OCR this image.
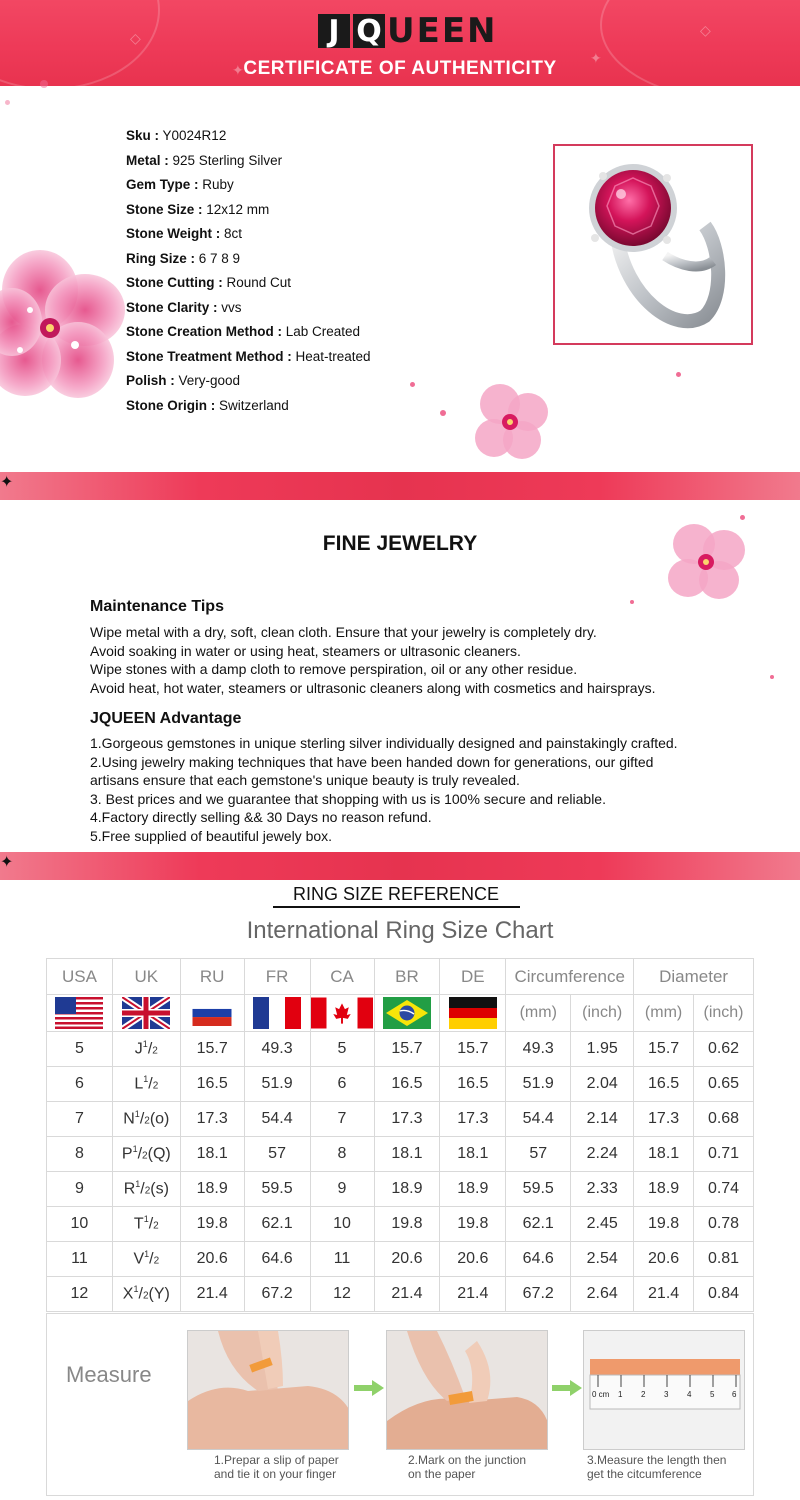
◇
✦
✦
◇
J Q UEEN
CERTIFICATE OF AUTHENTICITY
Sku : Y0024R12
Metal : 925 Sterling Silver
Gem Type : Ruby
Stone Size : 12x12 mm
Stone Weight : 8ct
Ring Size : 6 7 8 9
Stone Cutting : Round Cut
Stone Clarity : vvs
Stone Creation Method : Lab Created
Stone Treatment Method : Heat-treated
Polish : Very-good
Stone Origin : Switzerland
✦
FINE JEWELRY
Maintenance Tips
Wipe metal with a dry, soft, clean cloth. Ensure that your jewelry is completely dry.
Avoid soaking in water or using heat, steamers or ultrasonic cleaners.
Wipe stones with a damp cloth to remove perspiration, oil or any other residue.
Avoid heat, hot water, steamers or ultrasonic cleaners along with cosmetics and hairsprays.
JQUEEN Advantage
1.Gorgeous gemstones in unique sterling silver individually designed and painstakingly crafted.
2.Using jewelry making techniques that have been handed down for generations, our gifted
artisans ensure that each gemstone's unique beauty is truly revealed.
3. Best prices and we guarantee that shopping with us is 100% secure and reliable.
4.Factory directly selling && 30 Days no reason refund.
5.Free supplied of beautiful jewely box.
✦
RING SIZE REFERENCE
International Ring Size Chart
USA	UK	RU	FR	CA	BR	DE	Circumference		Diameter	
							(mm)	(inch)	(mm)	(inch)
5	$J^1/2$	15.7	49.3	5	15.7	15.7	49.3	1.95	15.7	0.62
6	$L^1/2$	16.5	51.9	6	16.5	16.5	51.9	2.04	16.5	0.65
7	$N^1/2(o)$	17.3	54.4	7	17.3	17.3	54.4	2.14	17.3	0.68
8	$P^1/2(Q)$	18.1	57	8	18.1	18.1	57	2.24	18.1	0.71
9	$R^1/2(s)$	18.9	59.5	9	18.9	18.9	59.5	2.33	18.9	0.74
10	$T^1/2$	19.8	62.1	10	19.8	19.8	62.1	2.45	19.8	0.78
11	$V^1/2$	20.6	64.6	11	20.6	20.6	64.6	2.54	20.6	0.81
12	$X^1/2(Y)$	21.4	67.2	12	21.4	21.4	67.2	2.64	21.4	0.84
Measure
0 cm 1 2 3 4 5 6
1.Prepar a slip of paper
and tie it on your finger
2.Mark on the junction
on the paper
3.Measure the length then
get the citcumference
